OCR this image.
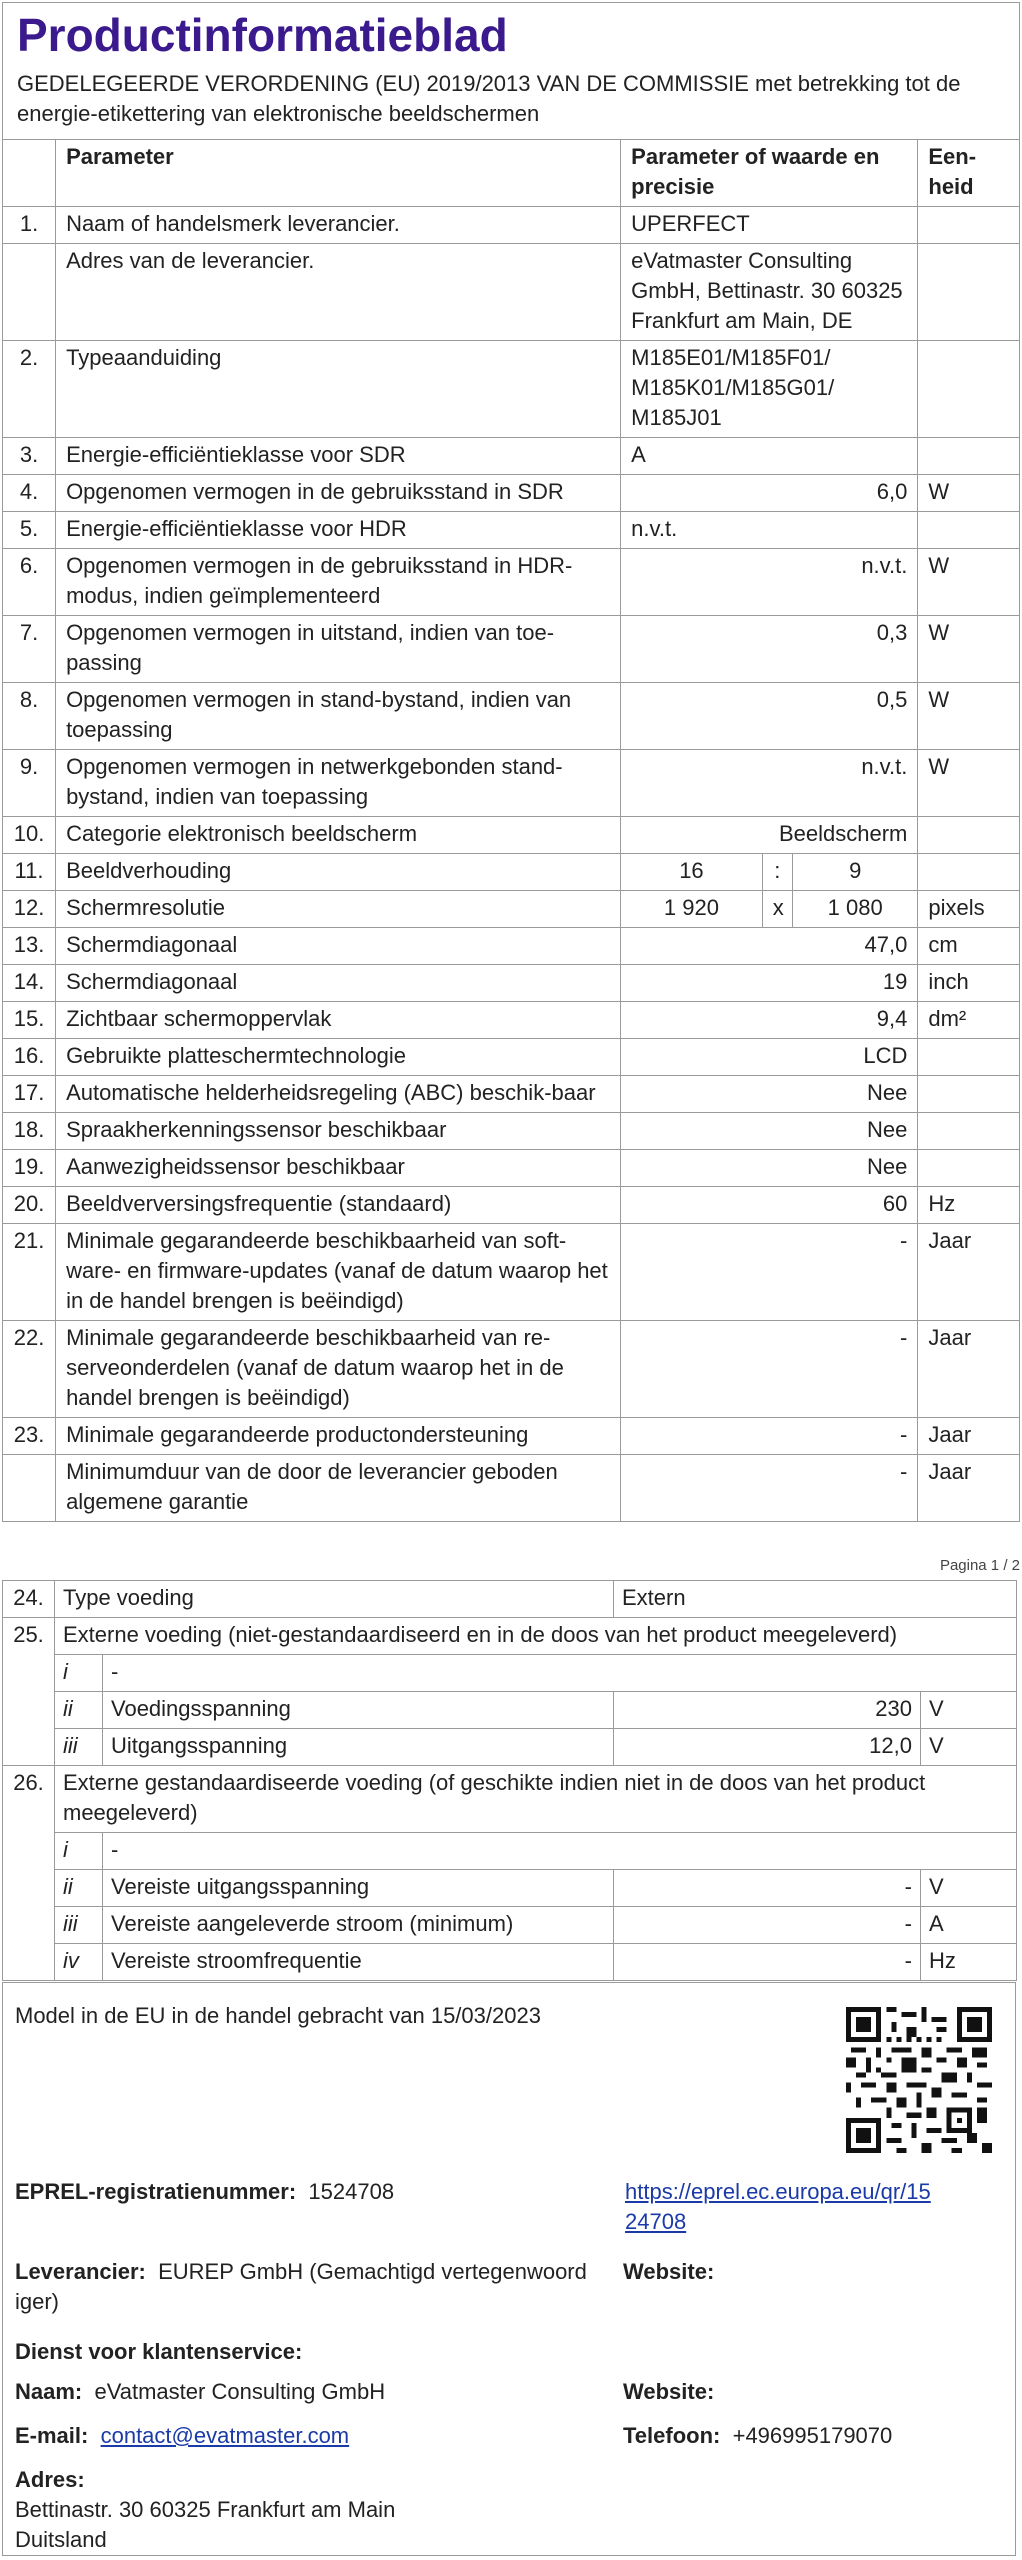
Productinformatieblad
GEDELEGEERDE VERORDENING (EU) 2019/2013 VAN DE COMMISSIE met betrekking tot de energie-etikettering van elektronische beeldschermen
	Parameter	Parameter of waarde en precisie			Een-heid
1.	Naam of handelsmerk leverancier.	UPERFECT			
	Adres van de leverancier.	eVatmaster Consulting GmbH, Bettinastr. 30 60325 Frankfurt am Main, DE			
2.	Typeaanduiding	M185E01/M185F01/ M185K01/M185G01/ M185J01			
3.	Energie-efficiëntieklasse voor SDR	A			
4.	Opgenomen vermogen in de gebruiksstand in SDR	6,0			W
5.	Energie-efficiëntieklasse voor HDR	n.v.t.			
6.	Opgenomen vermogen in de gebruiksstand in HDR-modus, indien geïmplementeerd	n.v.t.			W
7.	Opgenomen vermogen in uitstand, indien van toe-passing	0,3			W
8.	Opgenomen vermogen in stand-bystand, indien van toepassing	0,5			W
9.	Opgenomen vermogen in netwerkgebonden stand-bystand, indien van toepassing	n.v.t.			W
10.	Categorie elektronisch beeldscherm	Beeldscherm			
11.	Beeldverhouding	16	:	9	
12.	Schermresolutie	1 920	x	1 080	pixels
13.	Schermdiagonaal	47,0			cm
14.	Schermdiagonaal	19			inch
15.	Zichtbaar schermoppervlak	9,4			dm²
16.	Gebruikte platteschermtechnologie	LCD			
17.	Automatische helderheidsregeling (ABC) beschik-baar	Nee			
18.	Spraakherkenningssensor beschikbaar	Nee			
19.	Aanwezigheidssensor beschikbaar	Nee			
20.	Beeldverversingsfrequentie (standaard)	60			Hz
21.	Minimale gegarandeerde beschikbaarheid van soft-ware- en firmware-updates (vanaf de datum waarop het in de handel brengen is beëindigd)	-			Jaar
22.	Minimale gegarandeerde beschikbaarheid van re-serveonderdelen (vanaf de datum waarop het in de handel brengen is beëindigd)	-			Jaar
23.	Minimale gegarandeerde productondersteuning	-			Jaar
	Minimumduur van de door de leverancier geboden algemene garantie	-			Jaar
Pagina 1 / 2
24.	Type voeding		Extern	
25.	Externe voeding (niet-gestandaardiseerd en in de doos van het product meegeleverd)			
	i	-		
	ii	Voedingsspanning	230	V
	iii	Uitgangsspanning	12,0	V
26.	Externe gestandaardiseerde voeding (of geschikte indien niet in de doos van het product meegeleverd)			
	i	-		
	ii	Vereiste uitgangsspanning	-	V
	iii	Vereiste aangeleverde stroom (minimum)	-	A
	iv	Vereiste stroomfrequentie	-	Hz
Model in de EU in de handel gebracht van 15/03/2023
EPREL-registratienummer: 1524708	https://eprel.ec.europa.eu/qr/15
24708
Leverancier: EUREP GmbH (Gemachtigd vertegenwoord
iger)
Website:
Dienst voor klantenservice:
Naam: eVatmaster Consulting GmbH	Website:
E-mail: contact@evatmaster.com	Telefoon: +496995179070
Adres:
Bettinastr. 30 60325 Frankfurt am Main
Duitsland
